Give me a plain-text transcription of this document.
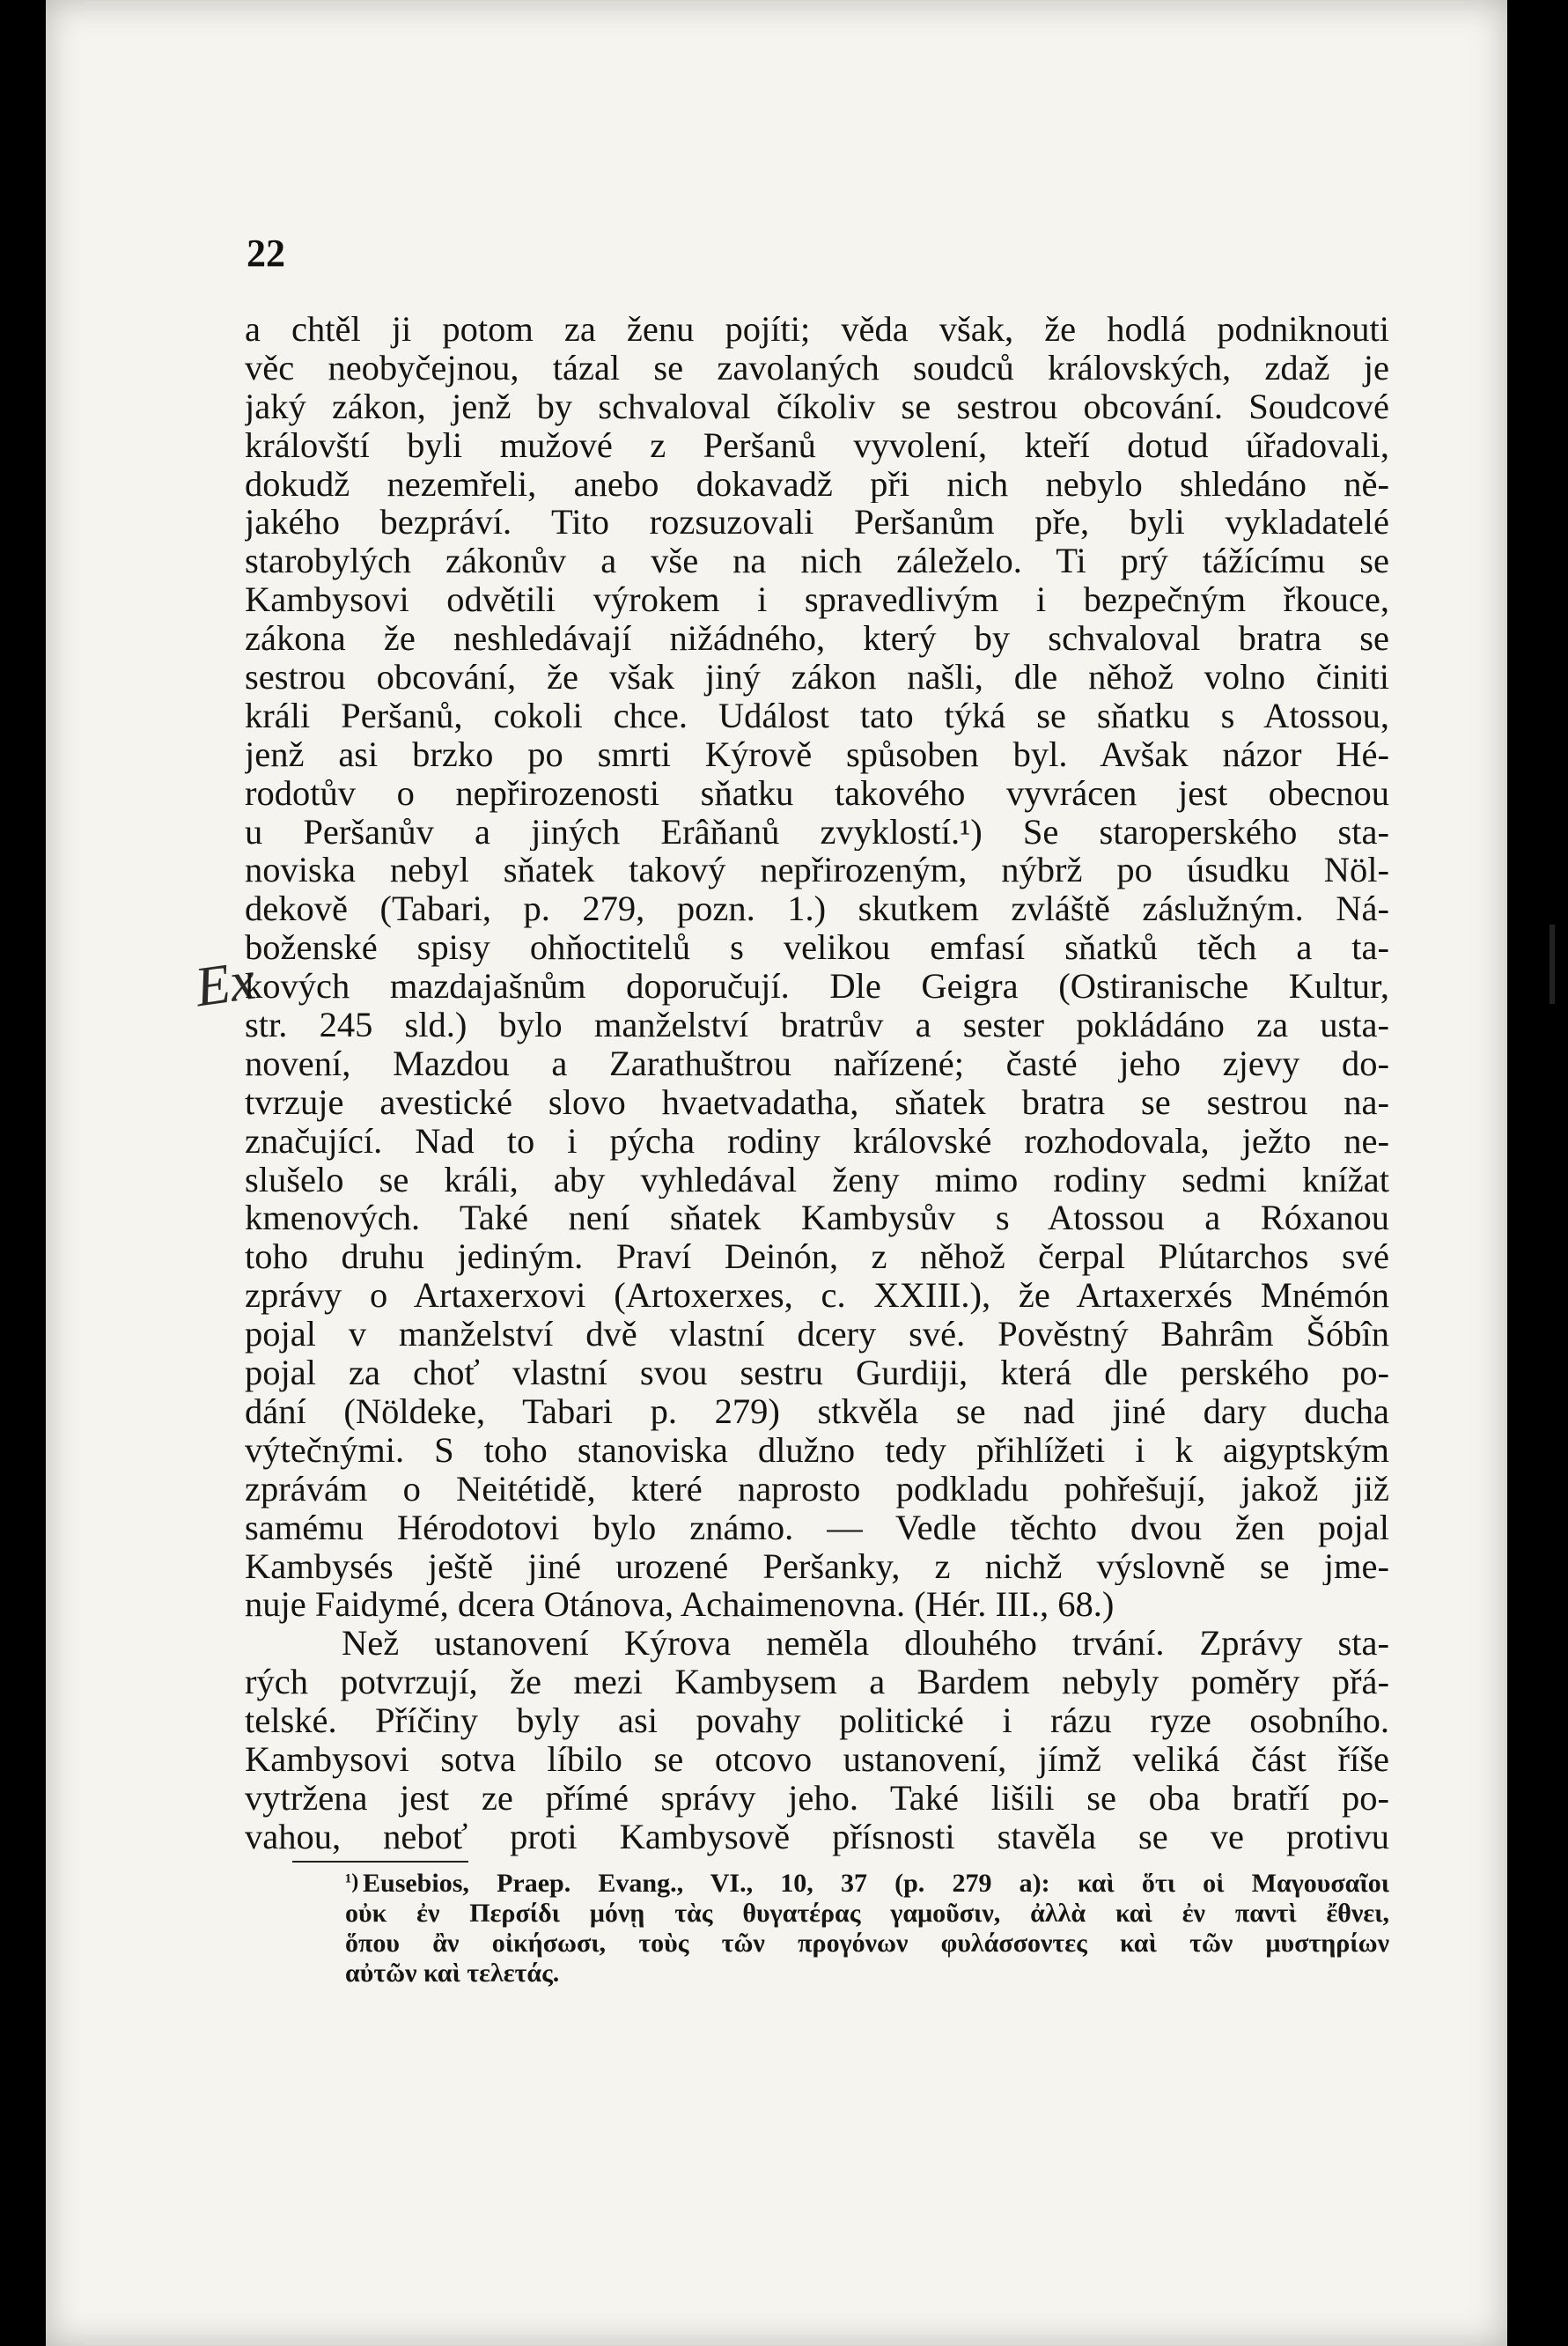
22
Ex
a chtěl ji potom za ženu pojíti; věda však, že hodlá podniknouti
věc neobyčejnou, tázal se zavolaných soudců královských, zdaž je
jaký zákon, jenž by schvaloval číkoliv se sestrou obcování. Soudcové
královští byli mužové z Peršanů vyvolení, kteří dotud úřadovali,
dokudž nezemřeli, anebo dokavadž při nich nebylo shledáno ně-
jakého bezpráví. Tito rozsuzovali Peršanům pře, byli vykladatelé
starobylých zákonův a vše na nich záleželo. Ti prý tážícímu se
Kambysovi odvětili výrokem i spravedlivým i bezpečným řkouce,
zákona že neshledávají nižádného, který by schvaloval bratra se
sestrou obcování, že však jiný zákon našli, dle něhož volno činiti
králi Peršanů, cokoli chce. Událost tato týká se sňatku s Atossou,
jenž asi brzko po smrti Kýrově spůsoben byl. Avšak názor Hé-
rodotův o nepřirozenosti sňatku takového vyvrácen jest obecnou
u Peršanův a jiných Erâňanů zvyklostí.¹) Se staroperského sta-
noviska nebyl sňatek takový nepřirozeným, nýbrž po úsudku Nöl-
dekově (Tabari, p. 279, pozn. 1.) skutkem zvláště záslužným. Ná-
boženské spisy ohňoctitelů s velikou emfasí sňatků těch a ta-
kových mazdajašnům doporučují. Dle Geigra (Ostiranische Kultur,
str. 245 sld.) bylo manželství bratrův a sester pokládáno za usta-
novení, Mazdou a Zarathuštrou nařízené; časté jeho zjevy do-
tvrzuje avestické slovo hvaetvadatha, sňatek bratra se sestrou na-
značující. Nad to i pýcha rodiny královské rozhodovala, ježto ne-
slušelo se králi, aby vyhledával ženy mimo rodiny sedmi knížat
kmenových. Také není sňatek Kambysův s Atossou a Róxanou
toho druhu jediným. Praví Deinón, z něhož čerpal Plútarchos své
zprávy o Artaxerxovi (Artoxerxes, c. XXIII.), že Artaxerxés Mnémón
pojal v manželství dvě vlastní dcery své. Pověstný Bahrâm Šóbîn
pojal za choť vlastní svou sestru Gurdiji, která dle perského po-
dání (Nöldeke, Tabari p. 279) stkvěla se nad jiné dary ducha
výtečnými. S toho stanoviska dlužno tedy přihlížeti i k aigyptským
zprávám o Neitétidě, které naprosto podkladu pohřešují, jakož již
samému Hérodotovi bylo známo. — Vedle těchto dvou žen pojal
Kambysés ještě jiné urozené Peršanky, z nichž výslovně se jme-
nuje Faidymé, dcera Otánova, Achaimenovna. (Hér. III., 68.)
Než ustanovení Kýrova neměla dlouhého trvání. Zprávy sta-
rých potvrzují, že mezi Kambysem a Bardem nebyly poměry přá-
telské. Příčiny byly asi povahy politické i rázu ryze osobního.
Kambysovi sotva líbilo se otcovo ustanovení, jímž veliká část říše
vytržena jest ze přímé správy jeho. Také lišili se oba bratří po-
vahou, neboť proti Kambysově přísnosti stavěla se ve protivu
¹) Eusebios, Praep. Evang., VI., 10, 37 (p. 279 a): καὶ ὅτι οἱ Μαγουσαῖοι
οὐκ ἐν Περσίδι μόνῃ τὰς θυγατέρας γαμοῦσιν, ἀλλὰ καὶ ἐν παντὶ ἔθνει,
ὅπου ἂν οἰκήσωσι, τοὺς τῶν προγόνων φυλάσσοντες καὶ τῶν μυστηρίων
αὐτῶν καὶ τελετάς.
